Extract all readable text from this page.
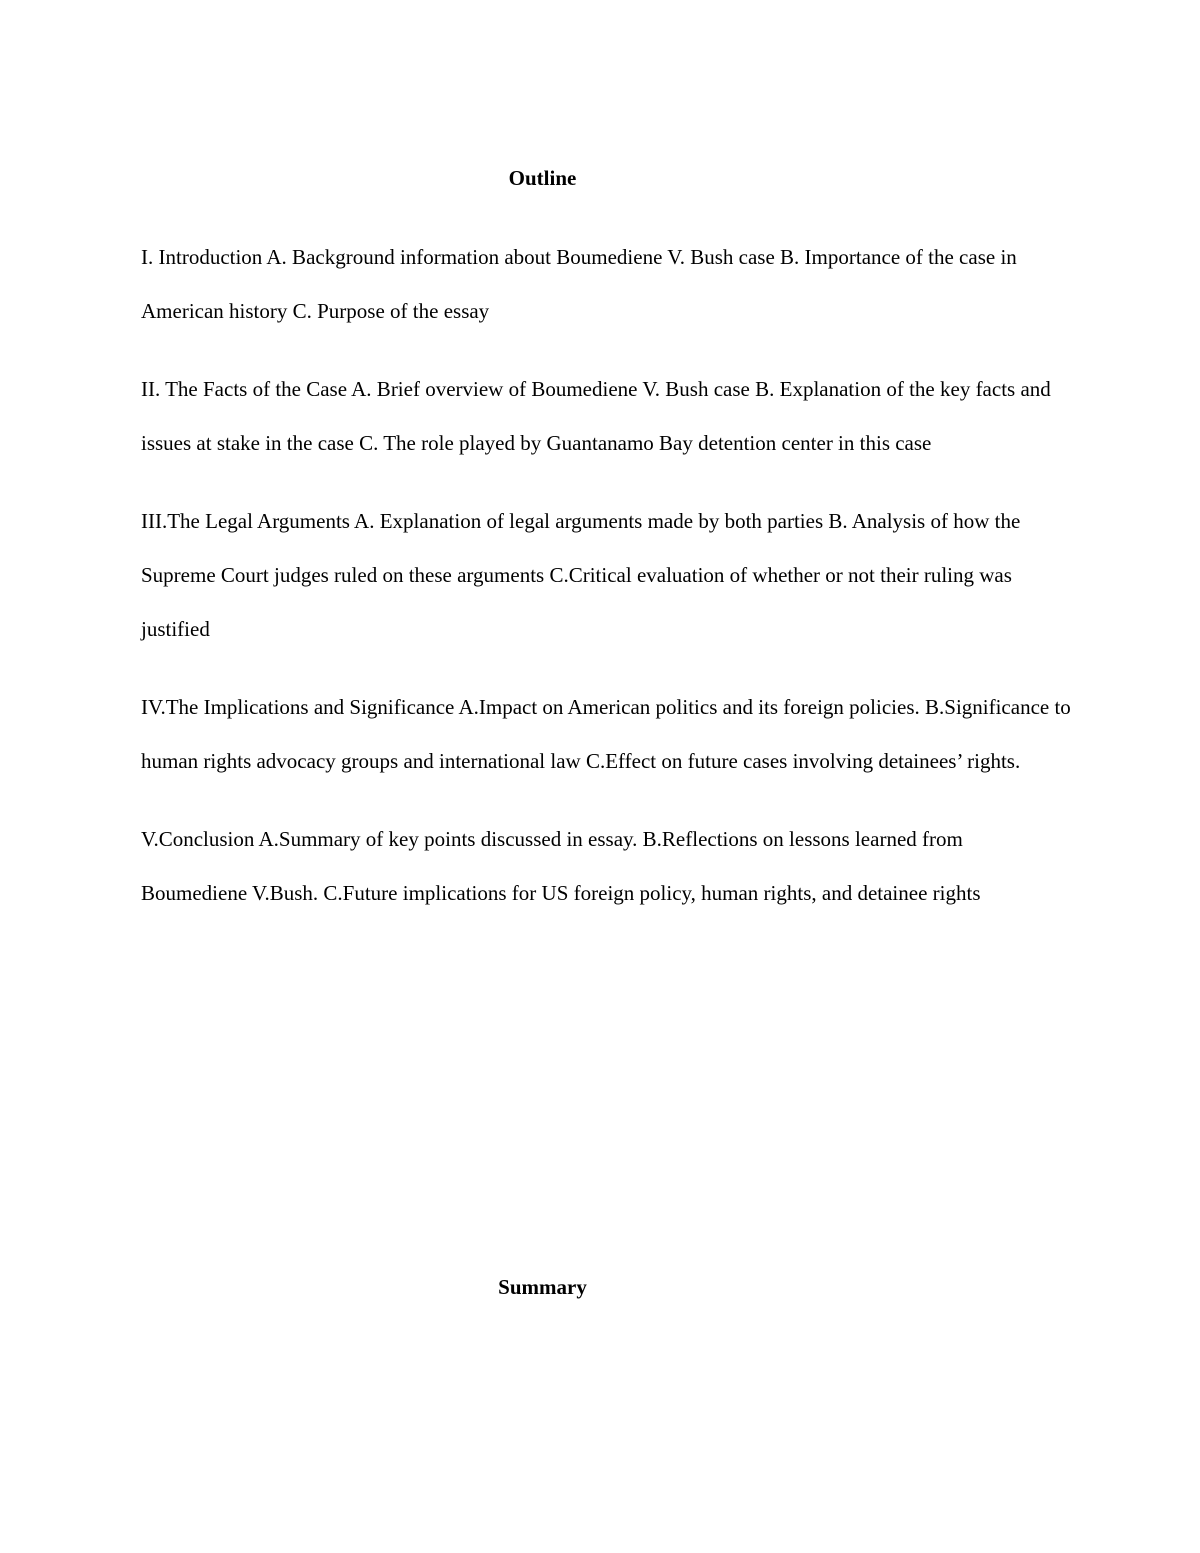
Outline

I. Introduction A. Background information about Boumediene V. Bush case B. Importance of the case in American history C. Purpose of the essay

II. The Facts of the Case A. Brief overview of Boumediene V. Bush case B. Explanation of the key facts and issues at stake in the case C. The role played by Guantanamo Bay detention center in this case

III.The Legal Arguments A. Explanation of legal arguments made by both parties B. Analysis of how the Supreme Court judges ruled on these arguments C.Critical evaluation of whether or not their ruling was justified

IV.The Implications and Significance A.Impact on American politics and its foreign policies. B.Significance to human rights advocacy groups and international law C.Effect on future cases involving detainees’ rights.

V.Conclusion A.Summary of key points discussed in essay. B.Reflections on lessons learned from Boumediene V.Bush. C.Future implications for US foreign policy, human rights, and detainee rights

Summary
